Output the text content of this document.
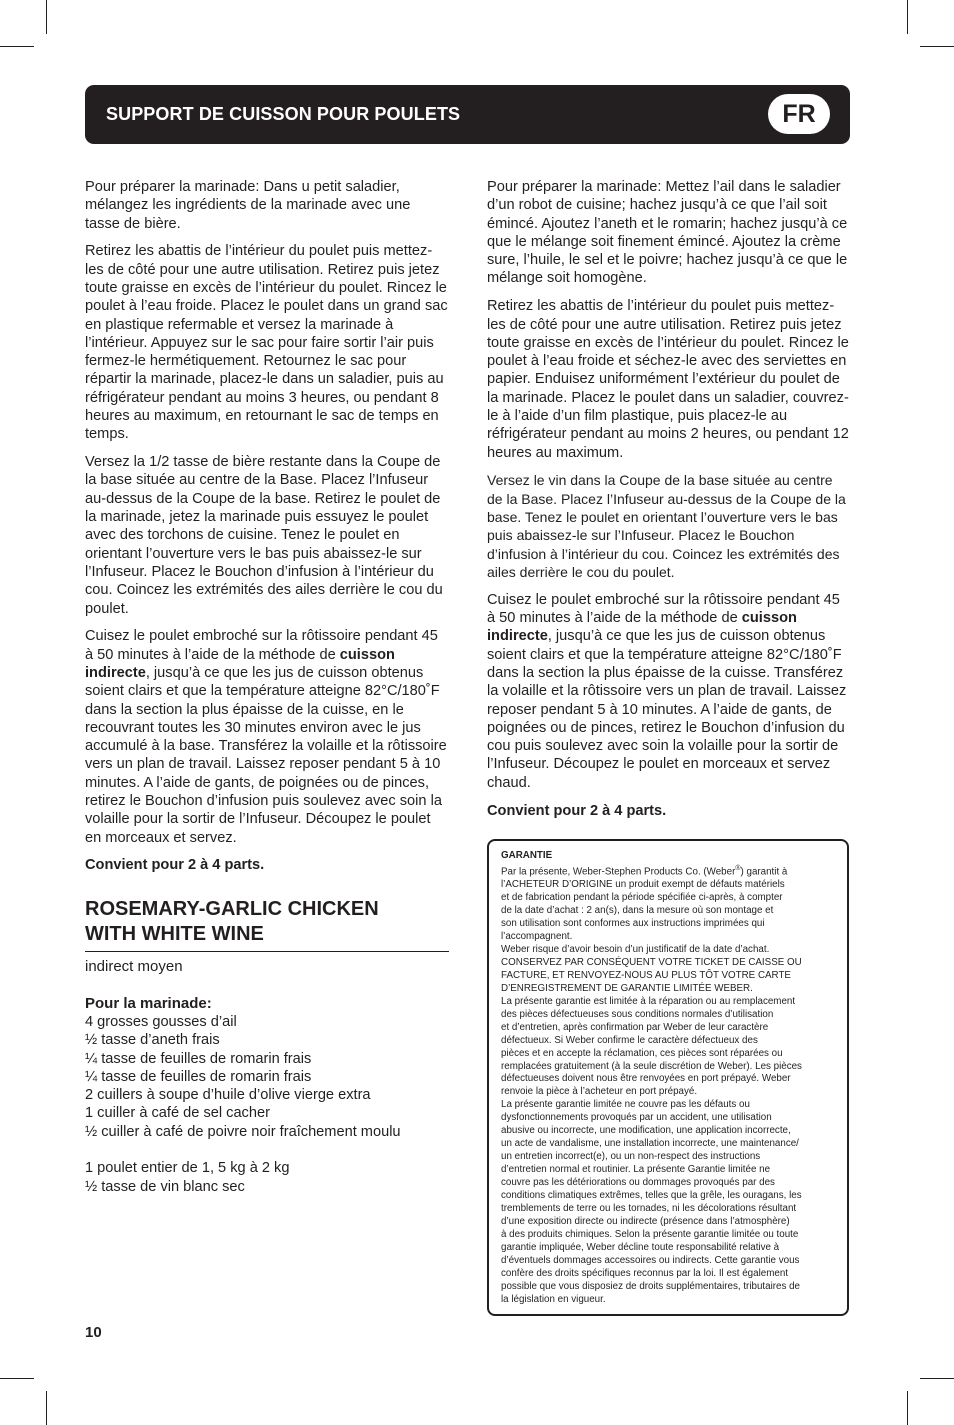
SUPPORT DE CUISSON POUR POULETS	FR

Pour préparer la marinade: Dans u petit saladier, mélangez les ingrédients de la marinade avec une tasse de bière.

Retirez les abattis de l’intérieur du poulet puis mettez-les de côté pour une autre utilisation. Retirez puis jetez toute graisse en excès de l’intérieur du poulet. Rincez le poulet à l’eau froide. Placez le poulet dans un grand sac en plastique refermable et versez la marinade à l’intérieur. Appuyez sur le sac pour faire sortir l’air puis fermez-le hermétiquement. Retournez le sac pour répartir la marinade, placez-le dans un saladier, puis au réfrigérateur pendant au moins 3 heures, ou pendant 8 heures au maximum, en retournant le sac de temps en temps.

Versez la 1/2 tasse de bière restante dans la Coupe de la base située au centre de la Base. Placez l’Infuseur au-dessus de la Coupe de la base. Retirez le poulet de la marinade, jetez la marinade puis essuyez le poulet avec des torchons de cuisine. Tenez le poulet en orientant l’ouverture vers le bas puis abaissez-le sur l’Infuseur. Placez le Bouchon d’infusion à l’intérieur du cou. Coincez les extrémités des ailes derrière le cou du poulet.

Cuisez le poulet embroché sur la rôtissoire pendant 45 à 50 minutes à l’aide de la méthode de cuisson indirecte, jusqu’à ce que les jus de cuisson obtenus soient clairs et que la température atteigne 82°C/180˚F dans la section la plus épaisse de la cuisse, en le recouvrant toutes les 30 minutes environ avec le jus accumulé à la base. Transférez la volaille et la rôtissoire vers un plan de travail. Laissez reposer pendant 5 à 10 minutes. A l’aide de gants, de poignées ou de pinces, retirez le Bouchon d’infusion puis soulevez avec soin la volaille pour la sortir de l’Infuseur. Découpez le poulet en morceaux et servez.

Convient pour 2 à 4 parts.

ROSEMARY-GARLIC CHICKEN
WITH WHITE WINE
indirect moyen
Pour la marinade:
4 grosses gousses d’ail
½ tasse d’aneth frais
¼ tasse de feuilles de romarin frais
¼ tasse de feuilles de romarin frais
2 cuillers à soupe d’huile d’olive vierge extra
1 cuiller à café de sel cacher
½ cuiller à café de poivre noir fraîchement moulu
1 poulet entier de 1, 5 kg à 2 kg
½ tasse de vin blanc sec

Pour préparer la marinade: Mettez l’ail dans le saladier d’un robot de cuisine; hachez jusqu’à ce que l’ail soit émincé. Ajoutez l’aneth et le romarin; hachez jusqu’à ce que le mélange soit finement émincé. Ajoutez la crème sure, l’huile, le sel et le poivre; hachez jusqu’à ce que le mélange soit homogène.

Retirez les abattis de l’intérieur du poulet puis mettez-les de côté pour une autre utilisation. Retirez puis jetez toute graisse en excès de l’intérieur du poulet. Rincez le poulet à l’eau froide et séchez-le avec des serviettes en papier. Enduisez uniformément l’extérieur du poulet de la marinade. Placez le poulet dans un saladier, couvrez-le à l’aide d’un film plastique, puis placez-le au réfrigérateur pendant au moins 2 heures, ou pendant 12 heures au maximum.

Versez le vin dans la Coupe de la base située au centre de la Base. Placez l’Infuseur au-dessus de la Coupe de la base. Tenez le poulet en orientant l’ouverture vers le bas puis abaissez-le sur l’Infuseur. Placez le Bouchon d’infusion à l’intérieur du cou. Coincez les extrémités des ailes derrière le cou du poulet.

Cuisez le poulet embroché sur la rôtissoire pendant 45 à 50 minutes à l’aide de la méthode de cuisson indirecte, jusqu’à ce que les jus de cuisson obtenus soient clairs et que la température atteigne 82°C/180˚F dans la section la plus épaisse de la cuisse. Transférez la volaille et la rôtissoire vers un plan de travail. Laissez reposer pendant 5 à 10 minutes. A l’aide de gants, de poignées ou de pinces, retirez le Bouchon d’infusion du cou puis soulevez avec soin la volaille pour la sortir de l’Infuseur. Découpez le poulet en morceaux et servez chaud.

Convient pour 2 à 4 parts.

GARANTIE
Par la présente, Weber-Stephen Products Co. (Weber®) garantit à
l’ACHETEUR D’ORIGINE un produit exempt de défauts matériels
et de fabrication pendant la période spécifiée ci-après, à compter
de la date d’achat : 2 an(s), dans la mesure où son montage et
son utilisation sont conformes aux instructions imprimées qui
l’accompagnent.
Weber risque d’avoir besoin d’un justificatif de la date d’achat.
CONSERVEZ PAR CONSÉQUENT VOTRE TICKET DE CAISSE OU
FACTURE, ET RENVOYEZ-NOUS AU PLUS TÔT VOTRE CARTE
D’ENREGISTREMENT DE GARANTIE LIMITÉE WEBER.
La présente garantie est limitée à la réparation ou au remplacement
des pièces défectueuses sous conditions normales d’utilisation
et d’entretien, après confirmation par Weber de leur caractère
défectueux. Si Weber confirme le caractère défectueux des
pièces et en accepte la réclamation, ces pièces sont réparées ou
remplacées gratuitement (à la seule discrétion de Weber). Les pièces
défectueuses doivent nous être renvoyées en port prépayé. Weber
renvoie la pièce à l’acheteur en port prépayé.
La présente garantie limitée ne couvre pas les défauts ou
dysfonctionnements provoqués par un accident, une utilisation
abusive ou incorrecte, une modification, une application incorrecte,
un acte de vandalisme, une installation incorrecte, une maintenance/
un entretien incorrect(e), ou un non-respect des instructions
d’entretien normal et routinier. La présente Garantie limitée ne
couvre pas les détériorations ou dommages provoqués par des
conditions climatiques extrêmes, telles que la grêle, les ouragans, les
tremblements de terre ou les tornades, ni les décolorations résultant
d’une exposition directe ou indirecte (présence dans l’atmosphère)
à des produits chimiques. Selon la présente garantie limitée ou toute
garantie impliquée, Weber décline toute responsabilité relative à
d’éventuels dommages accessoires ou indirects. Cette garantie vous
confère des droits spécifiques reconnus par la loi. Il est également
possible que vous disposiez de droits supplémentaires, tributaires de
la législation en vigueur.
10
